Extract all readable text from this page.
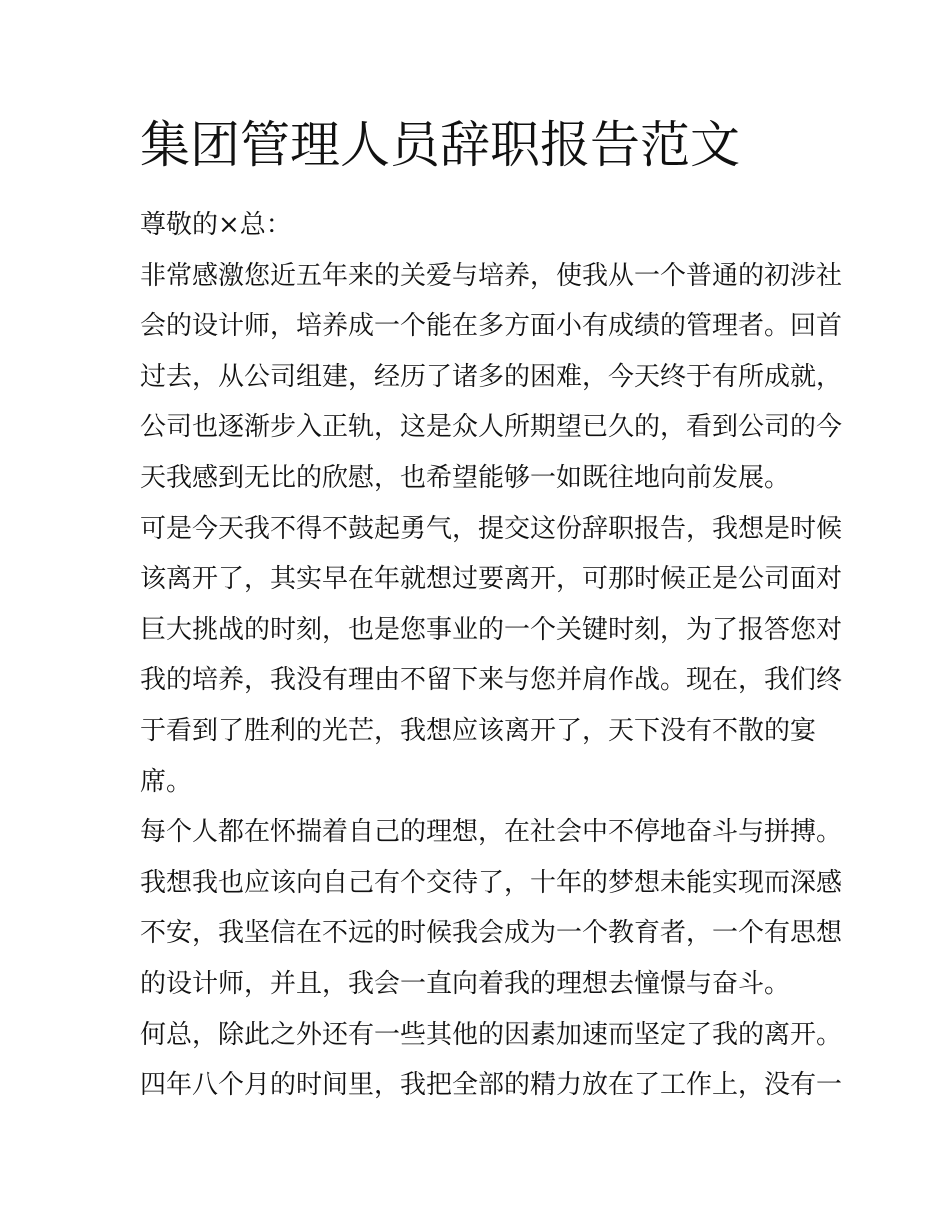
集团管理人员辞职报告范文
尊敬的×总：
非常感激您近五年来的关爱与培养，使我从一个普通的初涉社
会的设计师，培养成一个能在多方面小有成绩的管理者。回首
过去，从公司组建，经历了诸多的困难，今天终于有所成就，
公司也逐渐步入正轨，这是众人所期望已久的，看到公司的今
天我感到无比的欣慰，也希望能够一如既往地向前发展。
可是今天我不得不鼓起勇气，提交这份辞职报告，我想是时候
该离开了，其实早在年就想过要离开，可那时候正是公司面对
巨大挑战的时刻，也是您事业的一个关键时刻，为了报答您对
我的培养，我没有理由不留下来与您并肩作战。现在，我们终
于看到了胜利的光芒，我想应该离开了，天下没有不散的宴
席。
每个人都在怀揣着自己的理想，在社会中不停地奋斗与拼搏。
我想我也应该向自己有个交待了，十年的梦想未能实现而深感
不安，我坚信在不远的时候我会成为一个教育者，一个有思想
的设计师，并且，我会一直向着我的理想去憧憬与奋斗。
何总，除此之外还有一些其他的因素加速而坚定了我的离开。
四年八个月的时间里，我把全部的精力放在了工作上，没有一
